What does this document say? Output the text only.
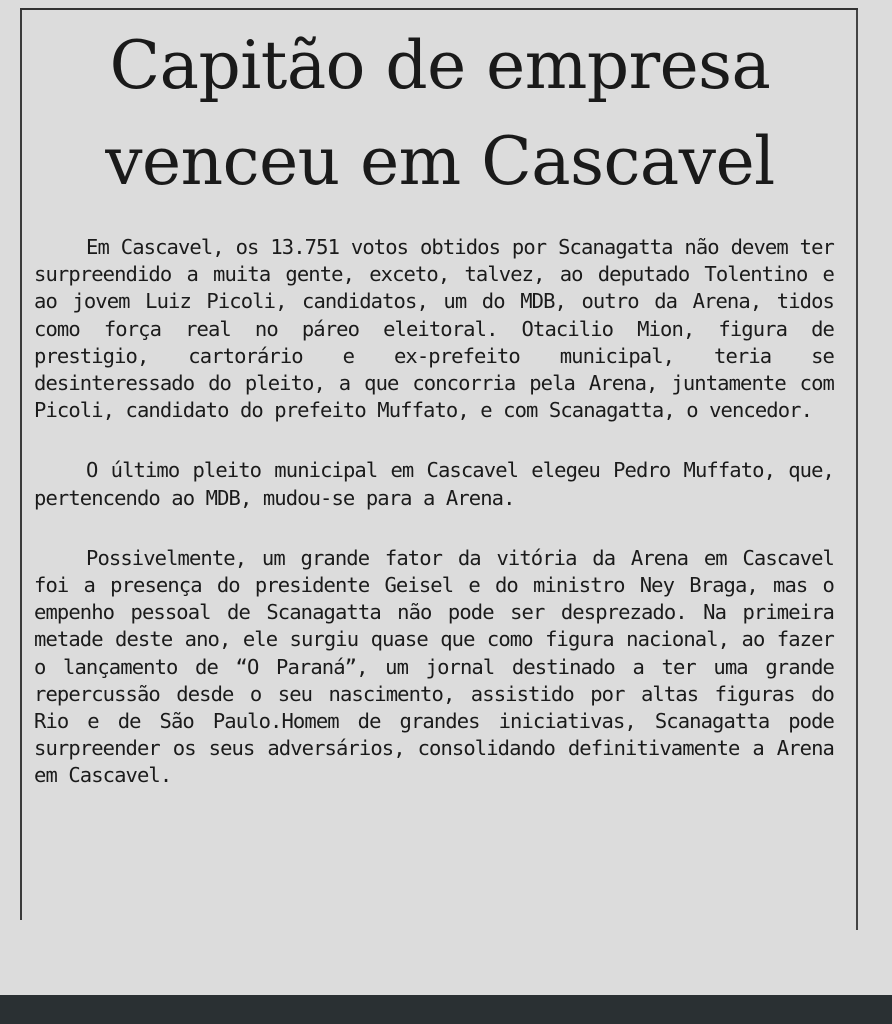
Capitão de empresa
venceu em Cascavel

Em Cascavel, os 13.751 votos obtidos por Scanagatta não devem ter surpreendido a muita gente, exceto, talvez, ao deputado Tolentino e ao jovem Luiz Picoli, candidatos, um do MDB, outro da Arena, tidos como força real no páreo eleitoral. Otacilio Mion, figura de prestigio, cartorário e ex-prefeito municipal, teria se desinteressado do pleito, a que concorria pela Arena, juntamente com Picoli, candidato do prefeito Muffato, e com Scanagatta, o vencedor.

O último pleito municipal em Cascavel elegeu Pedro Muffato, que, pertencendo ao MDB, mudou-se para a Arena.

Possivelmente, um grande fator da vitória da Arena em Cascavel foi a presença do presidente Geisel e do ministro Ney Braga, mas o empenho pessoal de Scanagatta não pode ser desprezado. Na primeira metade deste ano, ele surgiu quase que como figura nacional, ao fazer o lançamento de “O Paraná”, um jornal destinado a ter uma grande repercussão desde o seu nascimento, assistido por altas figuras do Rio e de São Paulo.Homem de grandes iniciativas, Scanagatta pode surpreender os seus adversários, consolidando definitivamente a Arena em Cascavel.
